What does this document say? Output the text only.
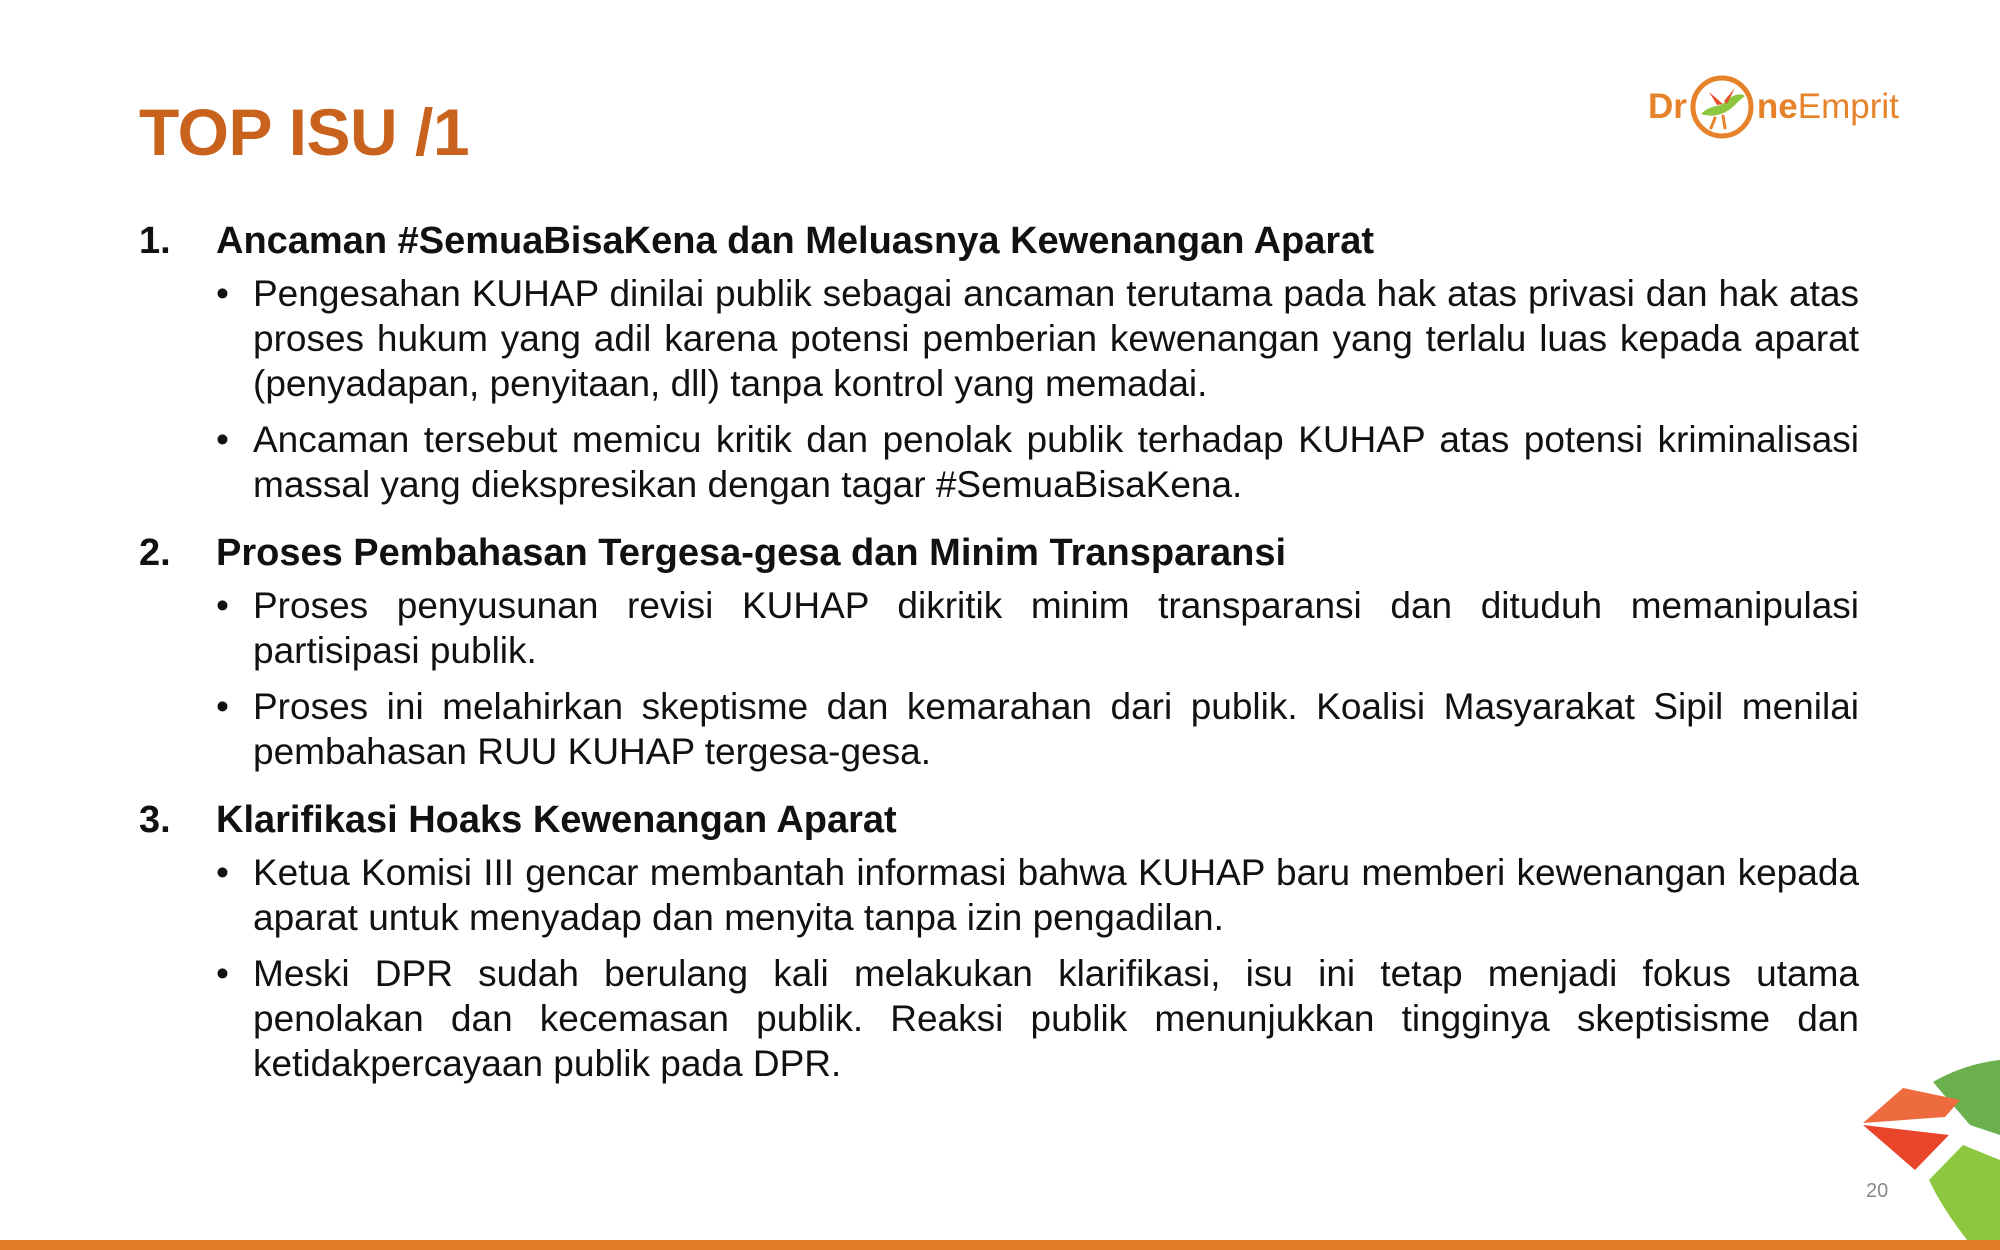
TOP ISU /1	Dr ne Emprit
1.	Ancaman #SemuaBisaKena dan Meluasnya Kewenangan Aparat
• Pengesahan KUHAP dinilai publik sebagai ancaman terutama pada hak atas privasi dan hak atas proses hukum yang adil karena potensi pemberian kewenangan yang terlalu luas kepada aparat (penyadapan, penyitaan, dll) tanpa kontrol yang memadai.
• Ancaman tersebut memicu kritik dan penolak publik terhadap KUHAP atas potensi kriminalisasi massal yang diekspresikan dengan tagar #SemuaBisaKena.
2.	Proses Pembahasan Tergesa-gesa dan Minim Transparansi
• Proses penyusunan revisi KUHAP dikritik minim transparansi dan dituduh memanipulasi partisipasi publik.
• Proses ini melahirkan skeptisme dan kemarahan dari publik. Koalisi Masyarakat Sipil menilai pembahasan RUU KUHAP tergesa-gesa.
3.	Klarifikasi Hoaks Kewenangan Aparat
• Ketua Komisi III gencar membantah informasi bahwa KUHAP baru memberi kewenangan kepada aparat untuk menyadap dan menyita tanpa izin pengadilan.
• Meski DPR sudah berulang kali melakukan klarifikasi, isu ini tetap menjadi fokus utama penolakan dan kecemasan publik. Reaksi publik menunjukkan tingginya skeptisisme dan ketidakpercayaan publik pada DPR.
20
